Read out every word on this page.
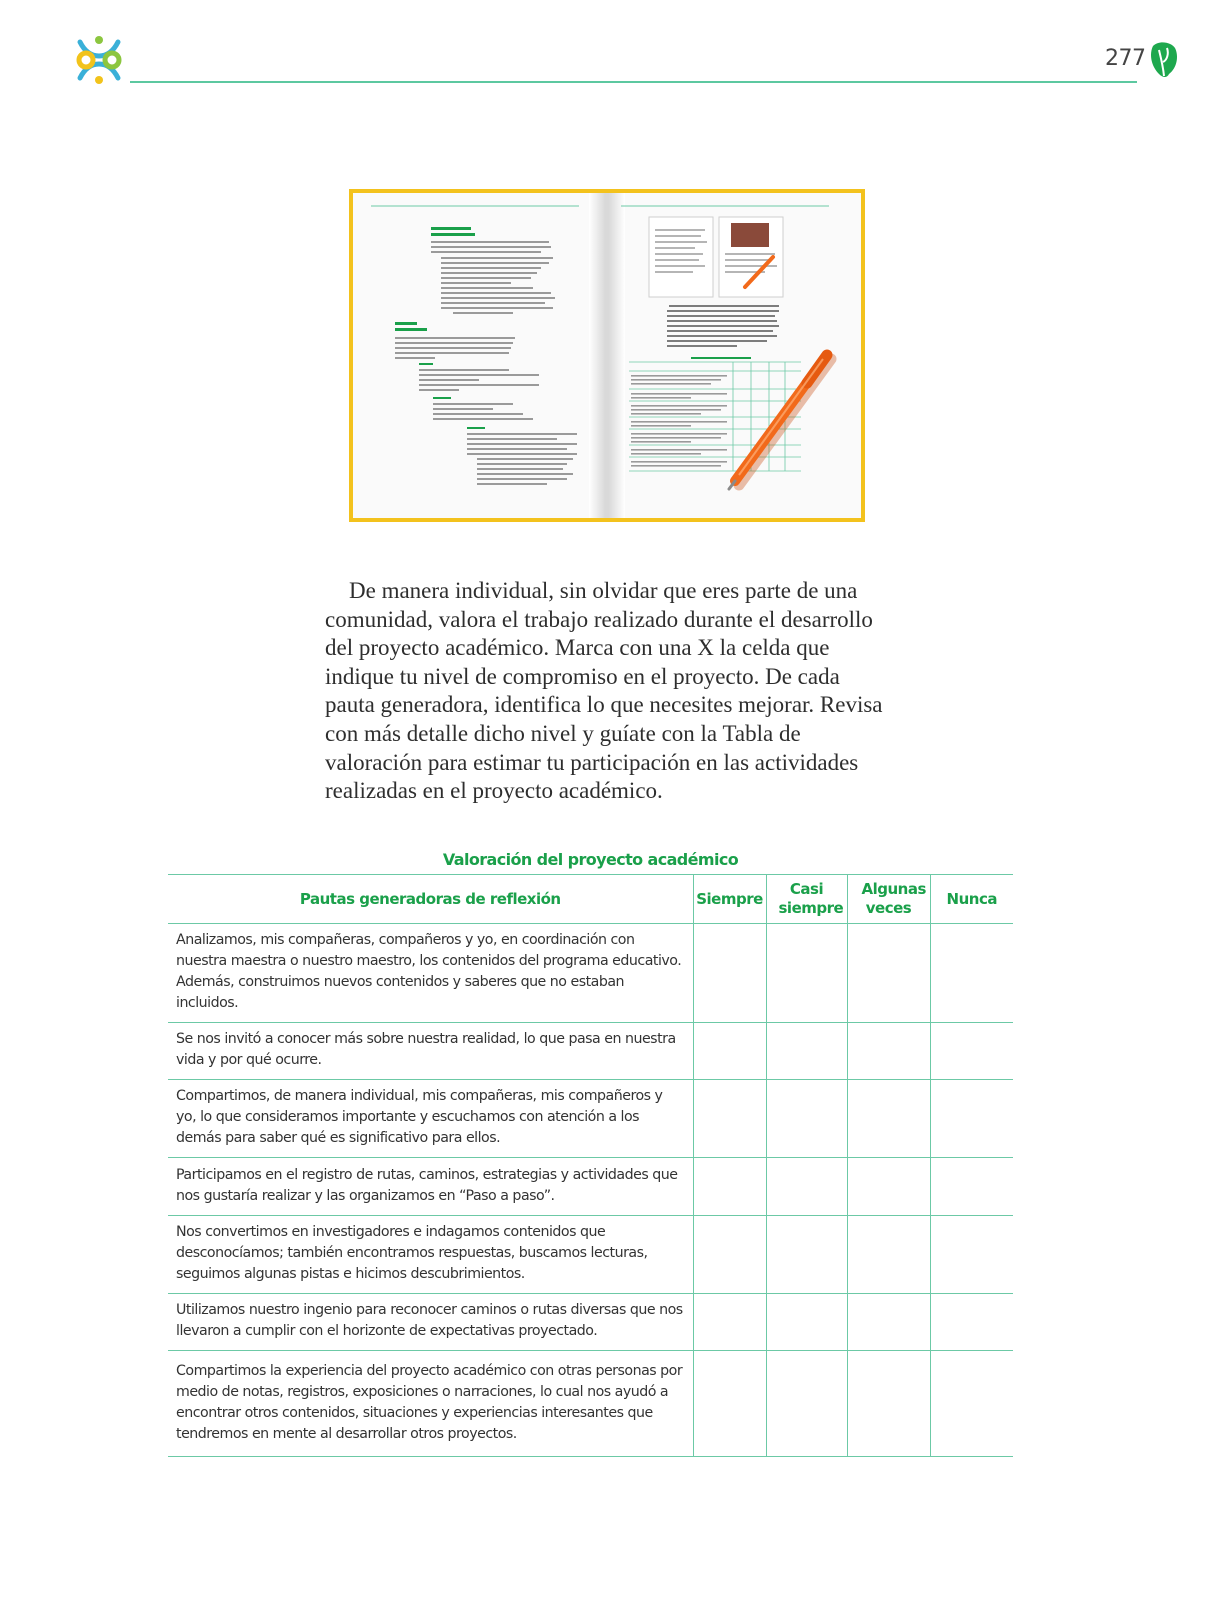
277

De manera individual, sin olvidar que eres parte de una comunidad, valora el trabajo realizado durante el desarrollo del proyecto académico. Marca con una X la celda que indique tu nivel de compromiso en el proyecto. De cada pauta generadora, identifica lo que necesites mejorar. Revisa con más detalle dicho nivel y guíate con la Tabla de valoración para estimar tu participación en las actividades realizadas en el proyecto académico.

Valoración del proyecto académico
Pautas generadoras de reflexión	Siempre	Casi siempre	Algunas veces	Nunca
Analizamos, mis compañeras, compañeros y yo, en coordinación con nuestra maestra o nuestro maestro, los contenidos del programa educativo. Además, construimos nuevos contenidos y saberes que no estaban incluidos.				
Se nos invitó a conocer más sobre nuestra realidad, lo que pasa en nuestra vida y por qué ocurre.				
Compartimos, de manera individual, mis compañeras, mis compañeros y yo, lo que consideramos importante y escuchamos con atención a los demás para saber qué es significativo para ellos.				
Participamos en el registro de rutas, caminos, estrategias y actividades que nos gustaría realizar y las organizamos en “Paso a paso”.				
Nos convertimos en investigadores e indagamos contenidos que desconocíamos; también encontramos respuestas, buscamos lecturas, seguimos algunas pistas e hicimos descubrimientos.				
Utilizamos nuestro ingenio para reconocer caminos o rutas diversas que nos llevaron a cumplir con el horizonte de expectativas proyectado.				
Compartimos la experiencia del proyecto académico con otras personas por medio de notas, registros, exposiciones o narraciones, lo cual nos ayudó a encontrar otros contenidos, situaciones y experiencias interesantes que tendremos en mente al desarrollar otros proyectos.				
